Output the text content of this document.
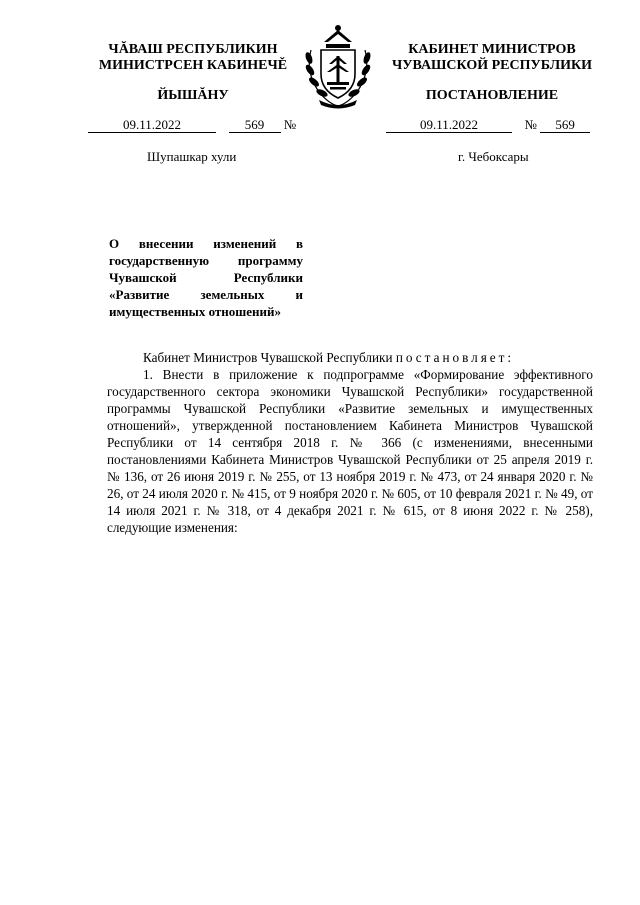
ЧĂВАШ РЕСПУБЛИКИН
МИНИСТРСЕН КАБИНЕЧĚ
КАБИНЕТ МИНИСТРОВ
ЧУВАШСКОЙ РЕСПУБЛИКИ
ЙЫШĂНУ	ПОСТАНОВЛЕНИЕ
09.11.2022	569 №	09.11.2022	№ 569
Шупашкар хули	г. Чебоксары
О внесении изменений в государственную программу Чувашской Республики «Развитие земельных и имущественных отношений»

Кабинет Министров Чувашской Республики постановляет:

1. Внести в приложение к подпрограмме «Формирование эффективного государственного сектора экономики Чувашской Республики» государственной программы Чувашской Республики «Развитие земельных и имущественных отношений», утвержденной постановлением Кабинета Министров Чувашской Республики от 14 сентября 2018 г. № 366 (с изменениями, внесенными постановлениями Кабинета Министров Чувашской Республики от 25 апреля 2019 г. № 136, от 26 июня 2019 г. № 255, от 13 ноября 2019 г. № 473, от 24 января 2020 г. № 26, от 24 июля 2020 г. № 415, от 9 ноября 2020 г. № 605, от 10 февраля 2021 г. № 49, от 14 июля 2021 г. № 318, от 4 декабря 2021 г. № 615, от 8 июня 2022 г. № 258), следующие изменения:
